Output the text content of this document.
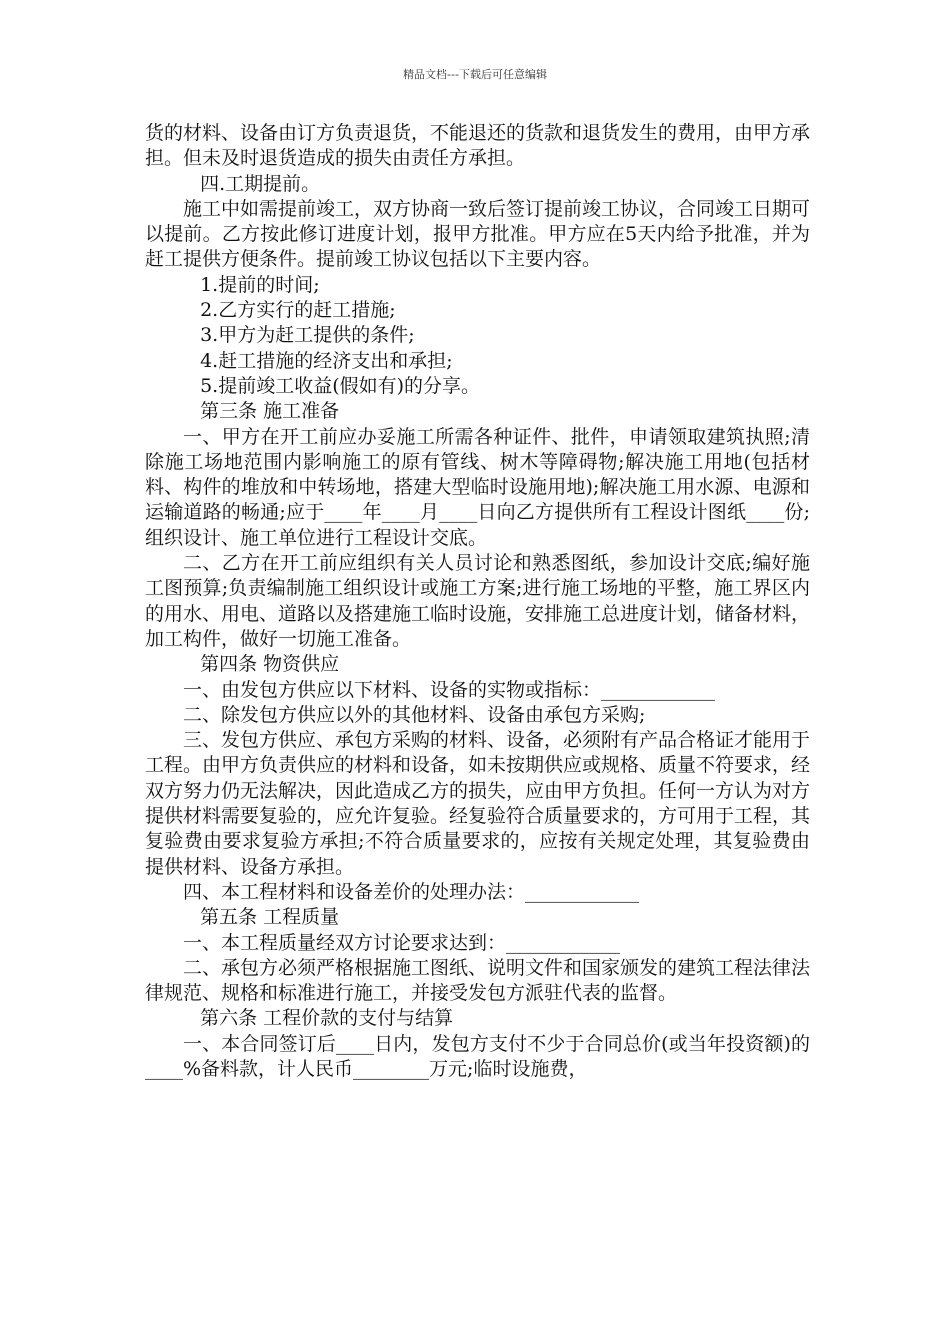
精品文档---下载后可任意编辑

货的材料、设备由订方负责退货，不能退还的货款和退货发生的费用，由甲方承担。但未及时退货造成的损失由责任方承担。

四.工期提前。

施工中如需提前竣工，双方协商一致后签订提前竣工协议，合同竣工日期可以提前。乙方按此修订进度计划，报甲方批准。甲方应在5天内给予批准，并为赶工提供方便条件。提前竣工协议包括以下主要内容。

1.提前的时间;

2.乙方实行的赶工措施;

3.甲方为赶工提供的条件;

4.赶工措施的经济支出和承担;

5.提前竣工收益(假如有)的分享。

第三条 施工准备

一、甲方在开工前应办妥施工所需各种证件、批件，申请领取建筑执照;清除施工场地范围内影响施工的原有管线、树木等障碍物;解决施工用地(包括材料、构件的堆放和中转场地，搭建大型临时设施用地);解决施工用水源、电源和运输道路的畅通;应于____年____月____日向乙方提供所有工程设计图纸____份;组织设计、施工单位进行工程设计交底。

二、乙方在开工前应组织有关人员讨论和熟悉图纸，参加设计交底;编好施工图预算;负责编制施工组织设计或施工方案;进行施工场地的平整，施工界区内的用水、用电、道路以及搭建施工临时设施，安排施工总进度计划，储备材料，加工构件，做好一切施工准备。

第四条 物资供应

一、由发包方供应以下材料、设备的实物或指标：____________

二、除发包方供应以外的其他材料、设备由承包方采购;

三、发包方供应、承包方采购的材料、设备，必须附有产品合格证才能用于工程。由甲方负责供应的材料和设备，如未按期供应或规格、质量不符要求，经双方努力仍无法解决，因此造成乙方的损失，应由甲方负担。任何一方认为对方提供材料需要复验的，应允许复验。经复验符合质量要求的，方可用于工程，其复验费由要求复验方承担;不符合质量要求的，应按有关规定处理，其复验费由提供材料、设备方承担。

四、本工程材料和设备差价的处理办法：____________

第五条 工程质量

一、本工程质量经双方讨论要求达到：____________

二、承包方必须严格根据施工图纸、说明文件和国家颁发的建筑工程法律法律规范、规格和标准进行施工，并接受发包方派驻代表的监督。

第六条 工程价款的支付与结算

一、本合同签订后____日内，发包方支付不少于合同总价(或当年投资额)的____%备料款，计人民币________万元;临时设施费，
